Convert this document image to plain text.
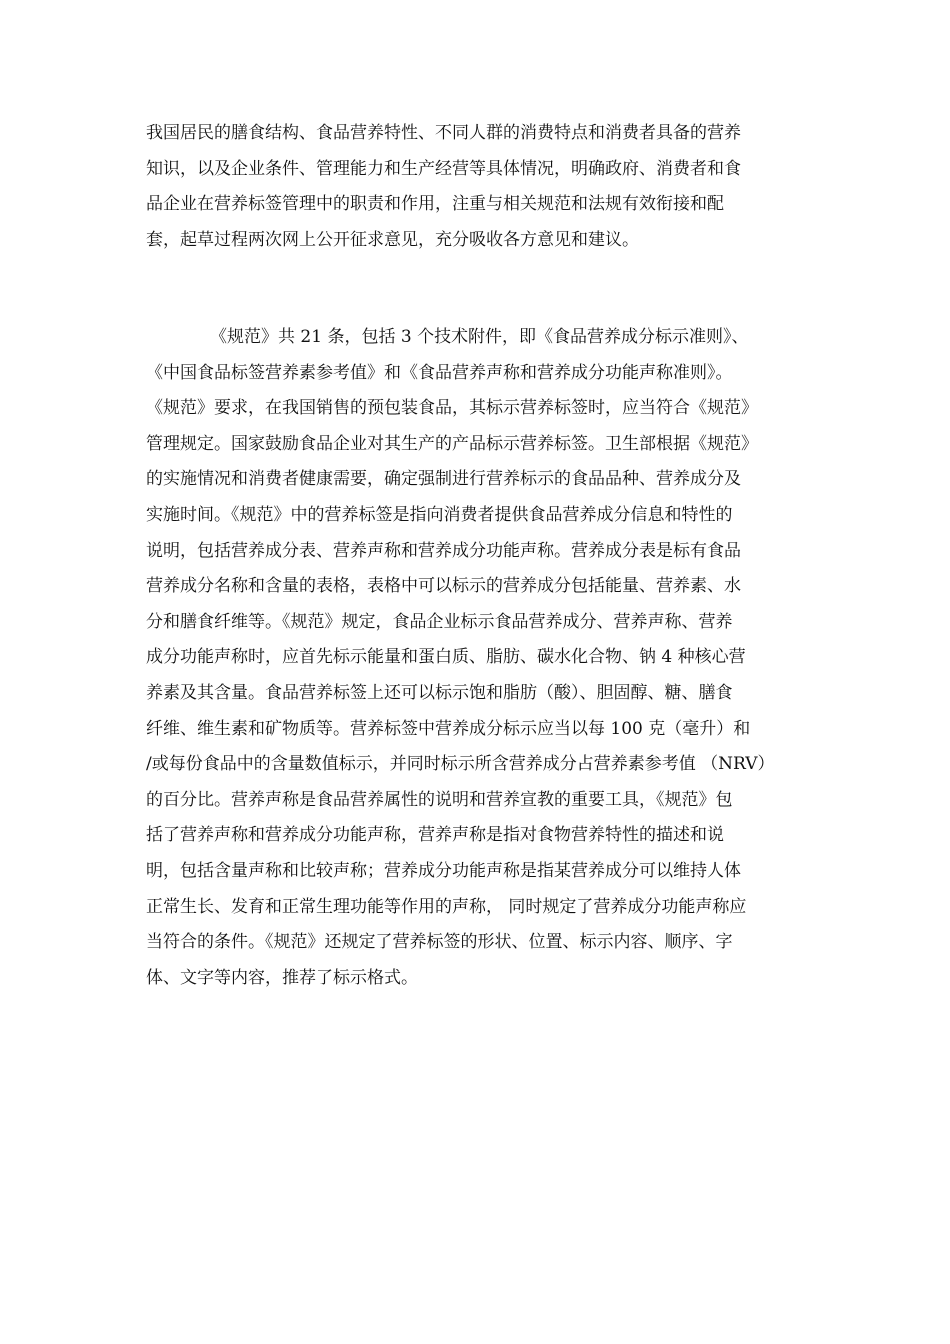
我国居民的膳食结构、食品营养特性、不同人群的消费特点和消费者具备的营养
知识，以及企业条件、管理能力和生产经营等具体情况，明确政府、消费者和食
品企业在营养标签管理中的职责和作用，注重与相关规范和法规有效衔接和配
套，起草过程两次网上公开征求意见，充分吸收各方意见和建议。
《规范》共 21 条，包括 3 个技术附件，即《食品营养成分标示准则》、
《中国食品标签营养素参考值》和《食品营养声称和营养成分功能声称准则》。
《规范》要求，在我国销售的预包装食品，其标示营养标签时，应当符合《规范》
管理规定。国家鼓励食品企业对其生产的产品标示营养标签。卫生部根据《规范》
的实施情况和消费者健康需要，确定强制进行营养标示的食品品种、营养成分及
实施时间。《规范》中的营养标签是指向消费者提供食品营养成分信息和特性的
说明，包括营养成分表、营养声称和营养成分功能声称。营养成分表是标有食品
营养成分名称和含量的表格，表格中可以标示的营养成分包括能量、营养素、水
分和膳食纤维等。《规范》规定，食品企业标示食品营养成分、营养声称、营养
成分功能声称时，应首先标示能量和蛋白质、脂肪、碳水化合物、钠 4 种核心营
养素及其含量。食品营养标签上还可以标示饱和脂肪（酸）、胆固醇、糖、膳食
纤维、维生素和矿物质等。营养标签中营养成分标示应当以每 100 克（毫升）和
/或每份食品中的含量数值标示，并同时标示所含营养成分占营养素参考值 （NRV）
的百分比。营养声称是食品营养属性的说明和营养宣教的重要工具，《规范》包
括了营养声称和营养成分功能声称，营养声称是指对食物营养特性的描述和说
明，包括含量声称和比较声称；营养成分功能声称是指某营养成分可以维持人体
正常生长、发育和正常生理功能等作用的声称， 同时规定了营养成分功能声称应
当符合的条件。《规范》还规定了营养标签的形状、位置、标示内容、顺序、字
体、文字等内容，推荐了标示格式。
